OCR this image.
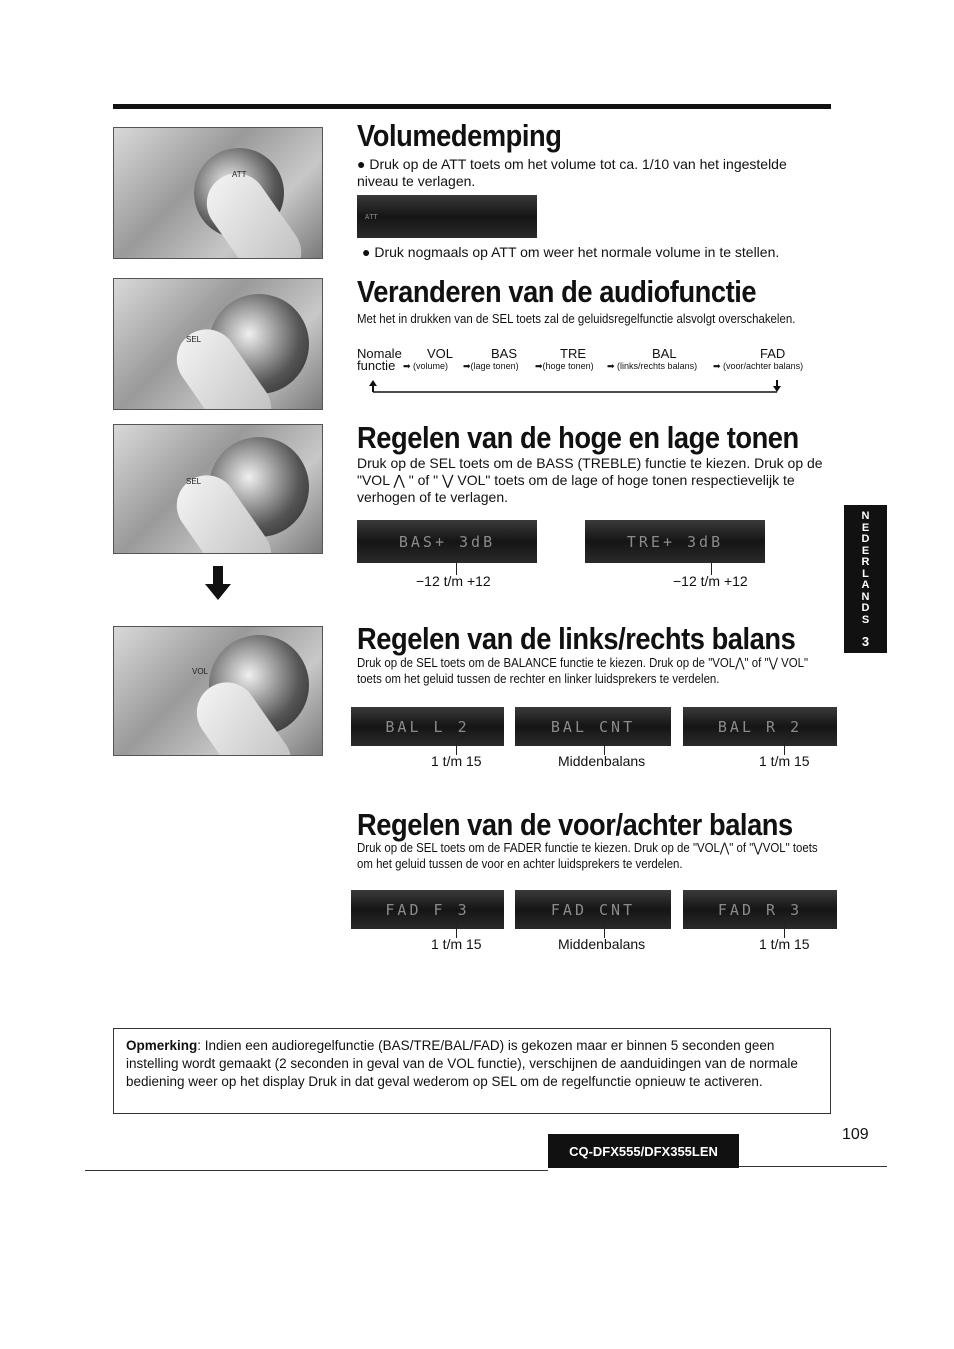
ATT
SEL
SEL
VOL
Volumedemping
● Druk op de ATT toets om het volume tot ca. 1/10 van het ingestelde niveau te verlagen.
ATT
● Druk nogmaals op ATT om weer het normale volume in te stellen.
Veranderen van de audiofunctie
Met het in drukken van de SEL toets zal de geluidsregelfunctie alsvolgt overschakelen.
Nomale
functie
VOL
➡ (volume)
BAS
➡(lage tonen)
TRE
➡(hoge tonen)
BAL
➡ (links/rechts balans)
FAD
➡ (voor/achter balans)
Regelen van de hoge en lage tonen
Druk op de SEL toets om de BASS (TREBLE) functie te kiezen. Druk op de "VOL ⋀ " of " ⋁ VOL" toets om de lage of hoge tonen respectievelijk te verhogen of te verlagen.
BAS+ 3dB
−12 t/m +12
TRE+ 3dB
−12 t/m +12
N
E
D
E
R
L
A
N
D
S
3
Regelen van de links/rechts balans
Druk op de SEL toets om de BALANCE functie te kiezen. Druk op de "VOL⋀" of "⋁ VOL" toets om het geluid tussen de rechter en linker luidsprekers te verdelen.
BAL L 2
1 t/m 15
BAL CNT
Middenbalans
BAL R 2
1 t/m 15
Regelen van de voor/achter balans
Druk op de SEL toets om de FADER functie te kiezen. Druk op de "VOL⋀" of "⋁VOL" toets om het geluid tussen de voor en achter luidsprekers te verdelen.
FAD F 3
1 t/m 15
FAD CNT
Middenbalans
FAD R 3
1 t/m 15
Opmerking: Indien een audioregelfunctie (BAS/TRE/BAL/FAD) is gekozen maar er binnen 5 seconden geen instelling wordt gemaakt (2 seconden in geval van de VOL functie), verschijnen de aanduidingen van de normale bediening weer op het display Druk in dat geval wederom op SEL om de regelfunctie opnieuw te activeren.
CQ-DFX555/DFX355LEN
109
